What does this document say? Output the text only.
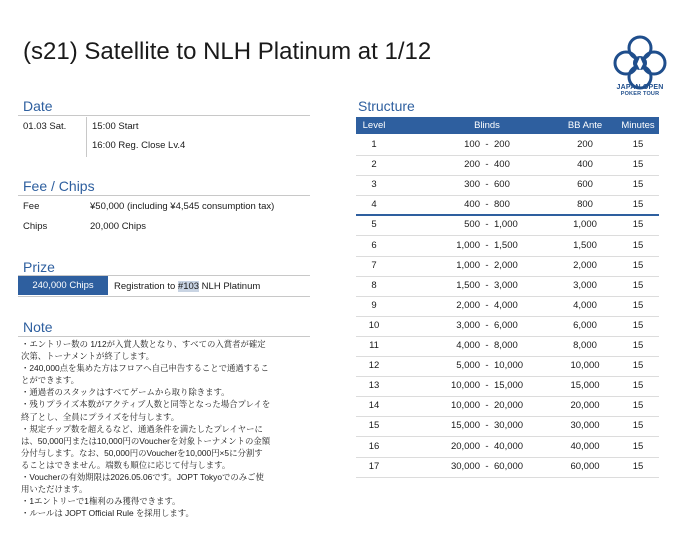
(s21) Satellite to NLH Platinum at 1/12
JAPAN OPEN
POKER TOUR
Date
01.03 Sat.	15:00 Start
16:00 Reg. Close Lv.4
Fee / Chips
Fee	¥50,000 (including ¥4,545 consumption tax)
Chips	20,000 Chips
Prize
240,000 Chips	Registration to #103 NLH Platinum
Note
・エントリー数の 1/12が入賞人数となり、すべての入賞者が確定
次第、トーナメントが終了します。
・240,000点を集めた方はフロアへ自己申告することで通過するこ
とができます。
・通過者のスタックはすべてゲームから取り除きます。
・残りプライズ本数がアクティブ人数と同等となった場合プレイを
終了とし、全員にプライズを付与します。
・規定チップ数を超えるなど、通過条件を満たしたプレイヤーに
は、50,000円または10,000円のVoucherを対象トーナメントの金額
分付与します。なお、50,000円のVoucherを10,000円×5に分割す
ることはできません。端数も順位に応じて付与します。
・Voucherの有効期限は2026.05.06です。JOPT Tokyoでのみご使
用いただけます。
・1エントリーで1権利のみ獲得できます。
・ルールは JOPT Official Rule を採用します。
Structure
Level	Blinds	BB Ante	Minutes
1	100 - 200	200	15
2	200 - 400	400	15
3	300 - 600	600	15
4	400 - 800	800	15
5	500 - 1,000	1,000	15
6	1,000 - 1,500	1,500	15
7	1,000 - 2,000	2,000	15
8	1,500 - 3,000	3,000	15
9	2,000 - 4,000	4,000	15
10	3,000 - 6,000	6,000	15
11	4,000 - 8,000	8,000	15
12	5,000 - 10,000	10,000	15
13	10,000 - 15,000	15,000	15
14	10,000 - 20,000	20,000	15
15	15,000 - 30,000	30,000	15
16	20,000 - 40,000	40,000	15
17	30,000 - 60,000	60,000	15
